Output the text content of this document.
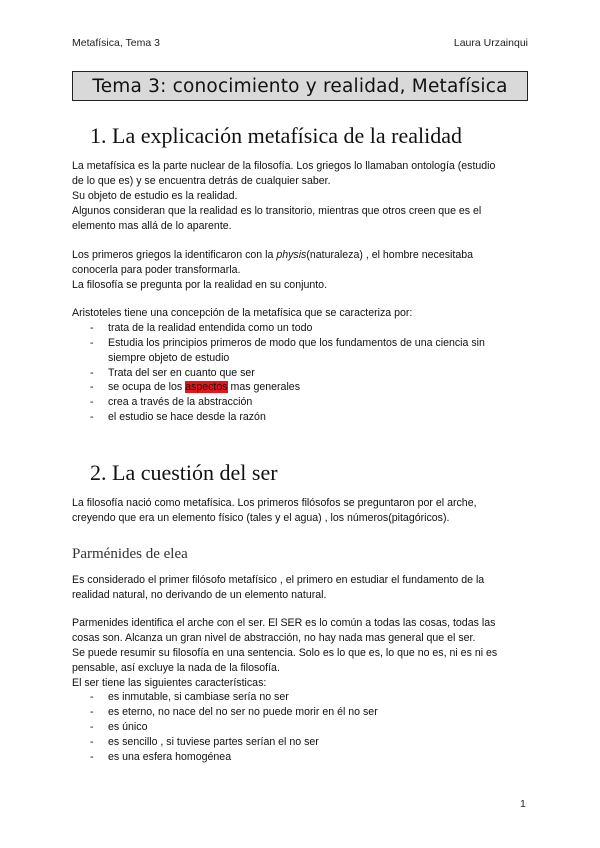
Metafísica, Tema 3	Laura Urzainqui
Tema 3: conocimiento y realidad, Metafísica
1. La explicación metafísica de la realidad
La metafísica es la parte nuclear de la filosofía. Los griegos lo llamaban ontología (estudio
de lo que es) y se encuentra detrás de cualquier saber.
Su objeto de estudio es la realidad.
Algunos consideran que la realidad es lo transitorio, mientras que otros creen que es el
elemento mas allá de lo aparente.
Los primeros griegos la identificaron con la physis(naturaleza) , el hombre necesitaba
conocerla para poder transformarla.
La filosofía se pregunta por la realidad en su conjunto.
Aristoteles tiene una concepción de la metafísica que se caracteriza por:
- trata de la realidad entendida como un todo
- Estudia los principios primeros de modo que los fundamentos de una ciencia sin
siempre objeto de estudio
- Trata del ser en cuanto que ser
- se ocupa de los aspectos mas generales
- crea a través de la abstracción
- el estudio se hace desde la razón
2. La cuestión del ser
La filosofía nació como metafísica. Los primeros filósofos se preguntaron por el arche,
creyendo que era un elemento físico (tales y el agua) , los números(pitagóricos).
Parménides de elea
Es considerado el primer filósofo metafísico , el primero en estudiar el fundamento de la
realidad natural, no derivando de un elemento natural.
Parmenides identifica el arche con el ser. El SER es lo común a todas las cosas, todas las
cosas son. Alcanza un gran nivel de abstracción, no hay nada mas general que el ser.
Se puede resumir su filosofía en una sentencia. Solo es lo que es, lo que no es, ni es ni es
pensable, así excluye la nada de la filosofía.
El ser tiene las siguientes características:
- es inmutable, si cambiase sería no ser
- es eterno, no nace del no ser no puede morir en él no ser
- es único
- es sencillo , si tuviese partes serían el no ser
- es una esfera homogénea
1
